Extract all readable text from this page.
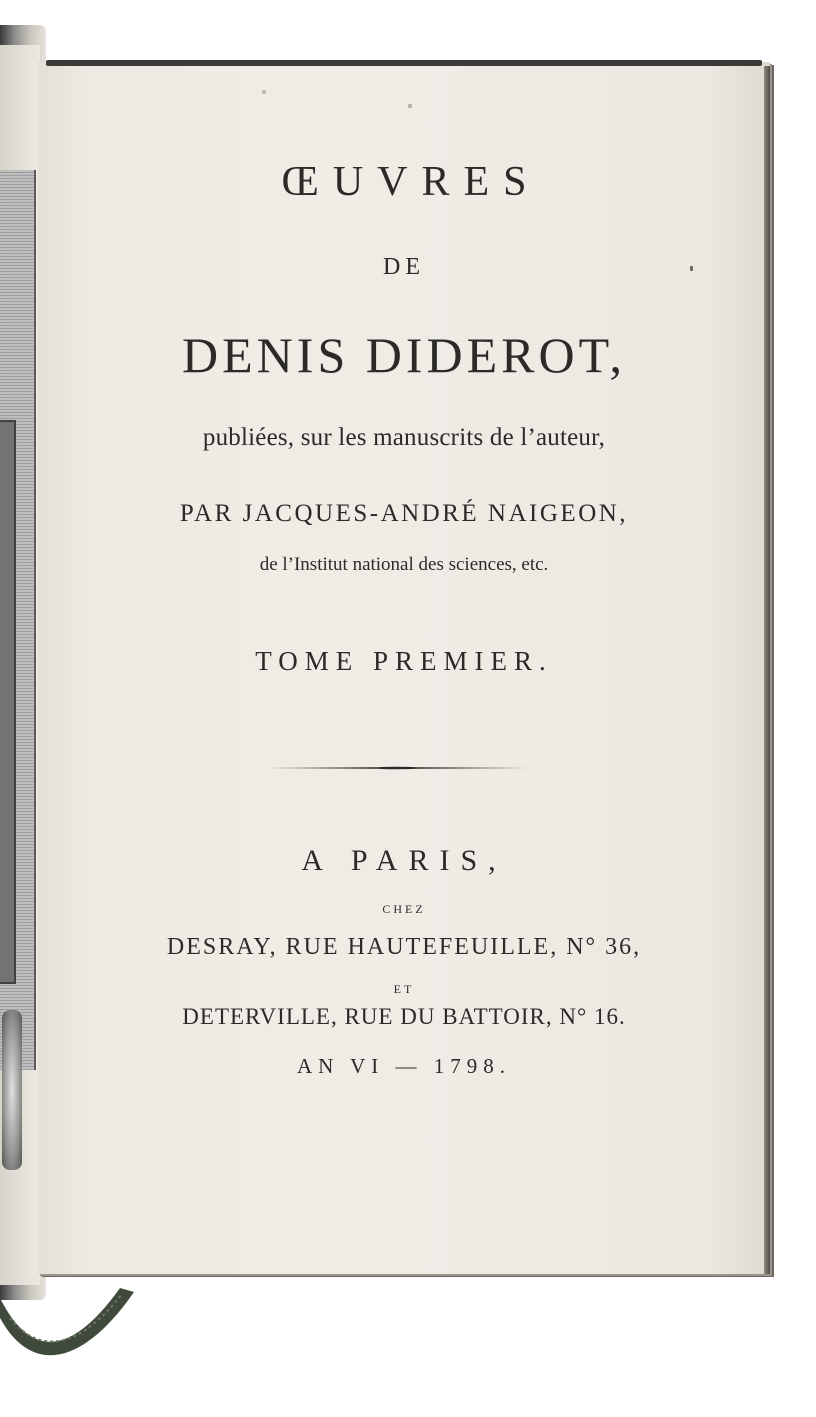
ŒUVRES
DE
DENIS DIDEROT,
publiées, sur les manuscrits de l’auteur,
PAR JACQUES-ANDRÉ NAIGEON,
de l’Institut national des sciences, etc.
TOME PREMIER.
A PARIS,
CHEZ
DESRAY, RUE HAUTEFEUILLE, N° 36,
ET
DETERVILLE, RUE DU BATTOIR, N° 16.
AN VI — 1798.
